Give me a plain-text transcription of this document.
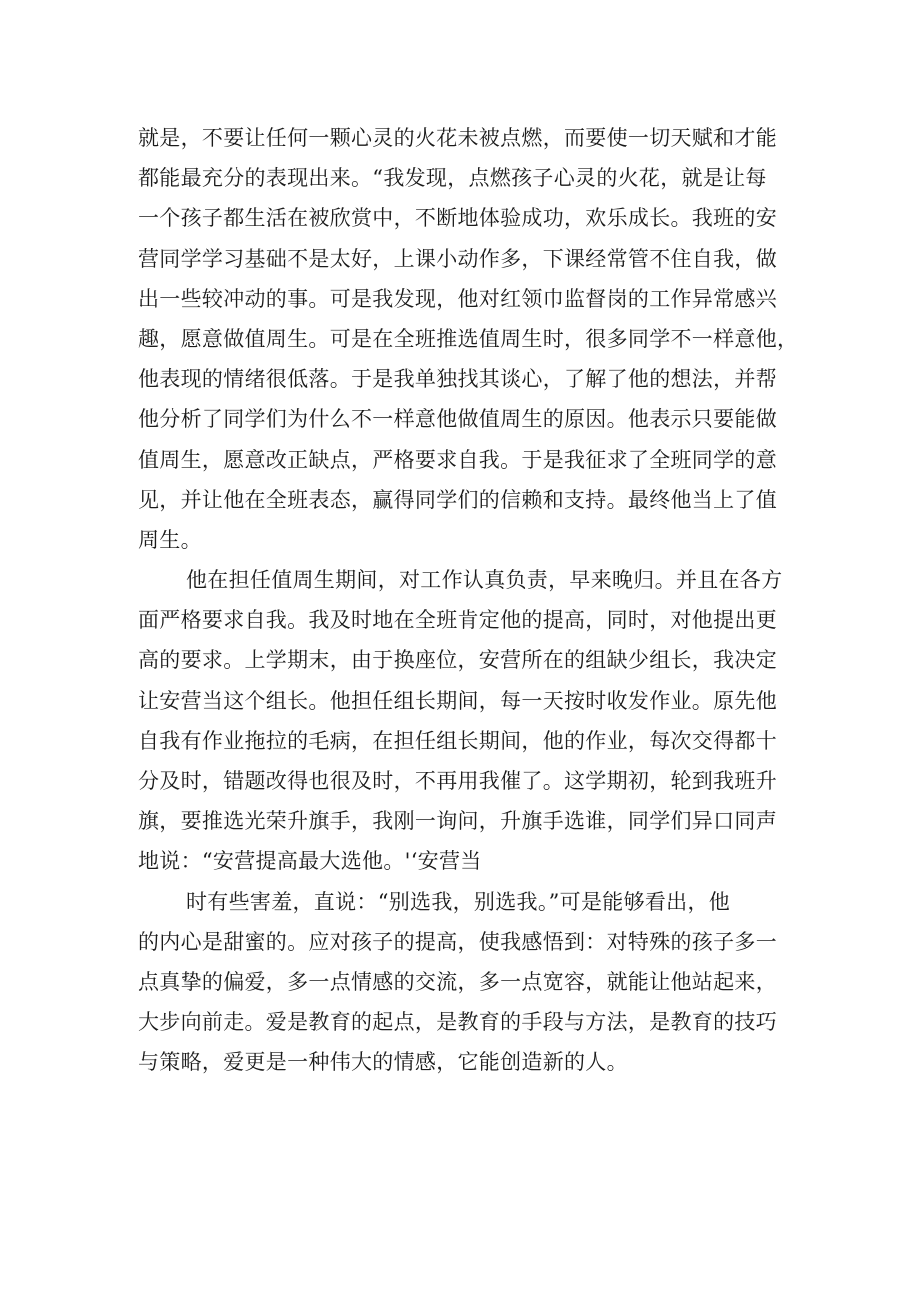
就是，不要让任何一颗心灵的火花未被点燃，而要使一切天赋和才能
都能最充分的表现出来。“我发现，点燃孩子心灵的火花，就是让每
一个孩子都生活在被欣赏中，不断地体验成功，欢乐成长。我班的安
营同学学习基础不是太好，上课小动作多，下课经常管不住自我，做
出一些较冲动的事。可是我发现，他对红领巾监督岗的工作异常感兴
趣，愿意做值周生。可是在全班推选值周生时，很多同学不一样意他，
他表现的情绪很低落。于是我单独找其谈心，了解了他的想法，并帮
他分析了同学们为什么不一样意他做值周生的原因。他表示只要能做
值周生，愿意改正缺点，严格要求自我。于是我征求了全班同学的意
见，并让他在全班表态，赢得同学们的信赖和支持。最终他当上了值
周生。
他在担任值周生期间，对工作认真负责，早来晚归。并且在各方
面严格要求自我。我及时地在全班肯定他的提高，同时，对他提出更
高的要求。上学期末，由于换座位，安营所在的组缺少组长，我决定
让安营当这个组长。他担任组长期间，每一天按时收发作业。原先他
自我有作业拖拉的毛病，在担任组长期间，他的作业，每次交得都十
分及时，错题改得也很及时，不再用我催了。这学期初，轮到我班升
旗，要推选光荣升旗手，我刚一询问，升旗手选谁，同学们异口同声
地说：“安营提高最大选他。'‘安营当
时有些害羞，直说：“别选我，别选我。”可是能够看出，他
的内心是甜蜜的。应对孩子的提高，使我感悟到：对特殊的孩子多一
点真挚的偏爱，多一点情感的交流，多一点宽容，就能让他站起来，
大步向前走。爱是教育的起点，是教育的手段与方法，是教育的技巧
与策略，爱更是一种伟大的情感，它能创造新的人。
